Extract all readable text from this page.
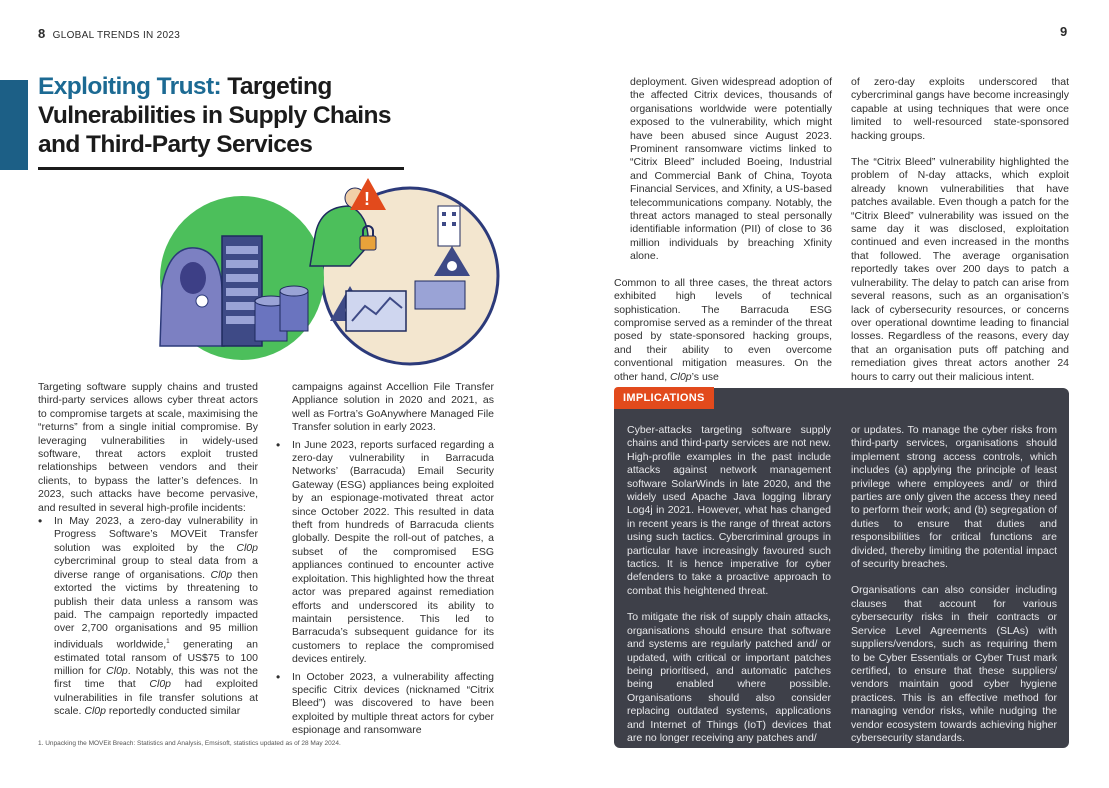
8 GLOBAL TRENDS IN 2023	9
Exploiting Trust: Targeting Vulnerabilities in Supply Chains and Third-Party Services
!

Targeting software supply chains and trusted third-party services allows cyber threat actors to compromise targets at scale, maximising the “returns” from a single initial compromise. By leveraging vulnerabilities in widely-used software, threat actors exploit trusted relationships between vendors and their clients, to bypass the latter’s defences. In 2023, such attacks have become pervasive, and resulted in several high-profile incidents:

• In May 2023, a zero-day vulnerability in Progress Software’s MOVEit Transfer solution was exploited by the Cl0p cybercriminal group to steal data from a diverse range of organisations. Cl0p then extorted the victims by threatening to publish their data unless a ransom was paid. The campaign reportedly impacted over 2,700 organisations and 95 million individuals worldwide,$^1$ generating an estimated total ransom of US$75 to 100 million for Cl0p. Notably, this was not the first time that Cl0p had exploited vulnerabilities in file transfer solutions at scale. Cl0p reportedly conducted similar

campaigns against Accellion File Transfer Appliance solution in 2020 and 2021, as well as Fortra’s GoAnywhere Managed File Transfer solution in early 2023.

• In June 2023, reports surfaced regarding a zero-day vulnerability in Barracuda Networks’ (Barracuda) Email Security Gateway (ESG) appliances being exploited by an espionage-motivated threat actor since October 2022. This resulted in data theft from hundreds of Barracuda clients globally. Despite the roll-out of patches, a subset of the compromised ESG appliances continued to encounter active exploitation. This highlighted how the threat actor was prepared against remediation efforts and underscored its ability to maintain persistence. This led to Barracuda’s subsequent guidance for its customers to replace the compromised devices entirely.
• In October 2023, a vulnerability affecting specific Citrix devices (nicknamed “Citrix Bleed”) was discovered to have been exploited by multiple threat actors for cyber espionage and ransomware

deployment. Given widespread adoption of the affected Citrix devices, thousands of organisations worldwide were potentially exposed to the vulnerability, which might have been abused since August 2023. Prominent ransomware victims linked to “Citrix Bleed” included Boeing, Industrial and Commercial Bank of China, Toyota Financial Services, and Xfinity, a US-based telecommunications company. Notably, the threat actors managed to steal personally identifiable information (PII) of close to 36 million individuals by breaching Xfinity alone.

Common to all three cases, the threat actors exhibited high levels of technical sophistication. The Barracuda ESG compromise served as a reminder of the threat posed by state-sponsored hacking groups, and their ability to even overcome conventional mitigation measures. On the other hand, Cl0p’s use

of zero-day exploits underscored that cybercriminal gangs have become increasingly capable at using techniques that were once limited to well-resourced state-sponsored hacking groups.

The “Citrix Bleed” vulnerability highlighted the problem of N-day attacks, which exploit already known vulnerabilities that have patches available. Even though a patch for the “Citrix Bleed” vulnerability was issued on the same day it was disclosed, exploitation continued and even increased in the months that followed. The average organisation reportedly takes over 200 days to patch a vulnerability. The delay to patch can arise from several reasons, such as an organisation’s lack of cybersecurity resources, or concerns over operational downtime leading to financial losses. Regardless of the reasons, every day that an organisation puts off patching and remediation gives threat actors another 24 hours to carry out their malicious intent.

IMPLICATIONS

Cyber-attacks targeting software supply chains and third-party services are not new. High-profile examples in the past include attacks against network management software SolarWinds in late 2020, and the widely used Apache Java logging library Log4j in 2021. However, what has changed in recent years is the range of threat actors using such tactics. Cybercriminal groups in particular have increasingly favoured such tactics. It is hence imperative for cyber defenders to take a proactive approach to combat this heightened threat.

To mitigate the risk of supply chain attacks, organisations should ensure that software and systems are regularly patched and/ or updated, with critical or important patches being prioritised, and automatic patches being enabled where possible. Organisations should also consider replacing outdated systems, applications and Internet of Things (IoT) devices that are no longer receiving any patches and/

or updates. To manage the cyber risks from third-party services, organisations should implement strong access controls, which includes (a) applying the principle of least privilege where employees and/ or third parties are only given the access they need to perform their work; and (b) segregation of duties to ensure that duties and responsibilities for critical functions are divided, thereby limiting the potential impact of security breaches.

Organisations can also consider including clauses that account for various cybersecurity risks in their contracts or Service Level Agreements (SLAs) with suppliers/vendors, such as requiring them to be Cyber Essentials or Cyber Trust mark certified, to ensure that these suppliers/ vendors maintain good cyber hygiene practices. This is an effective method for managing vendor risks, while nudging the vendor ecosystem towards achieving higher cybersecurity standards.

1. Unpacking the MOVEit Breach: Statistics and Analysis, Emsisoft, statistics updated as of 28 May 2024.
